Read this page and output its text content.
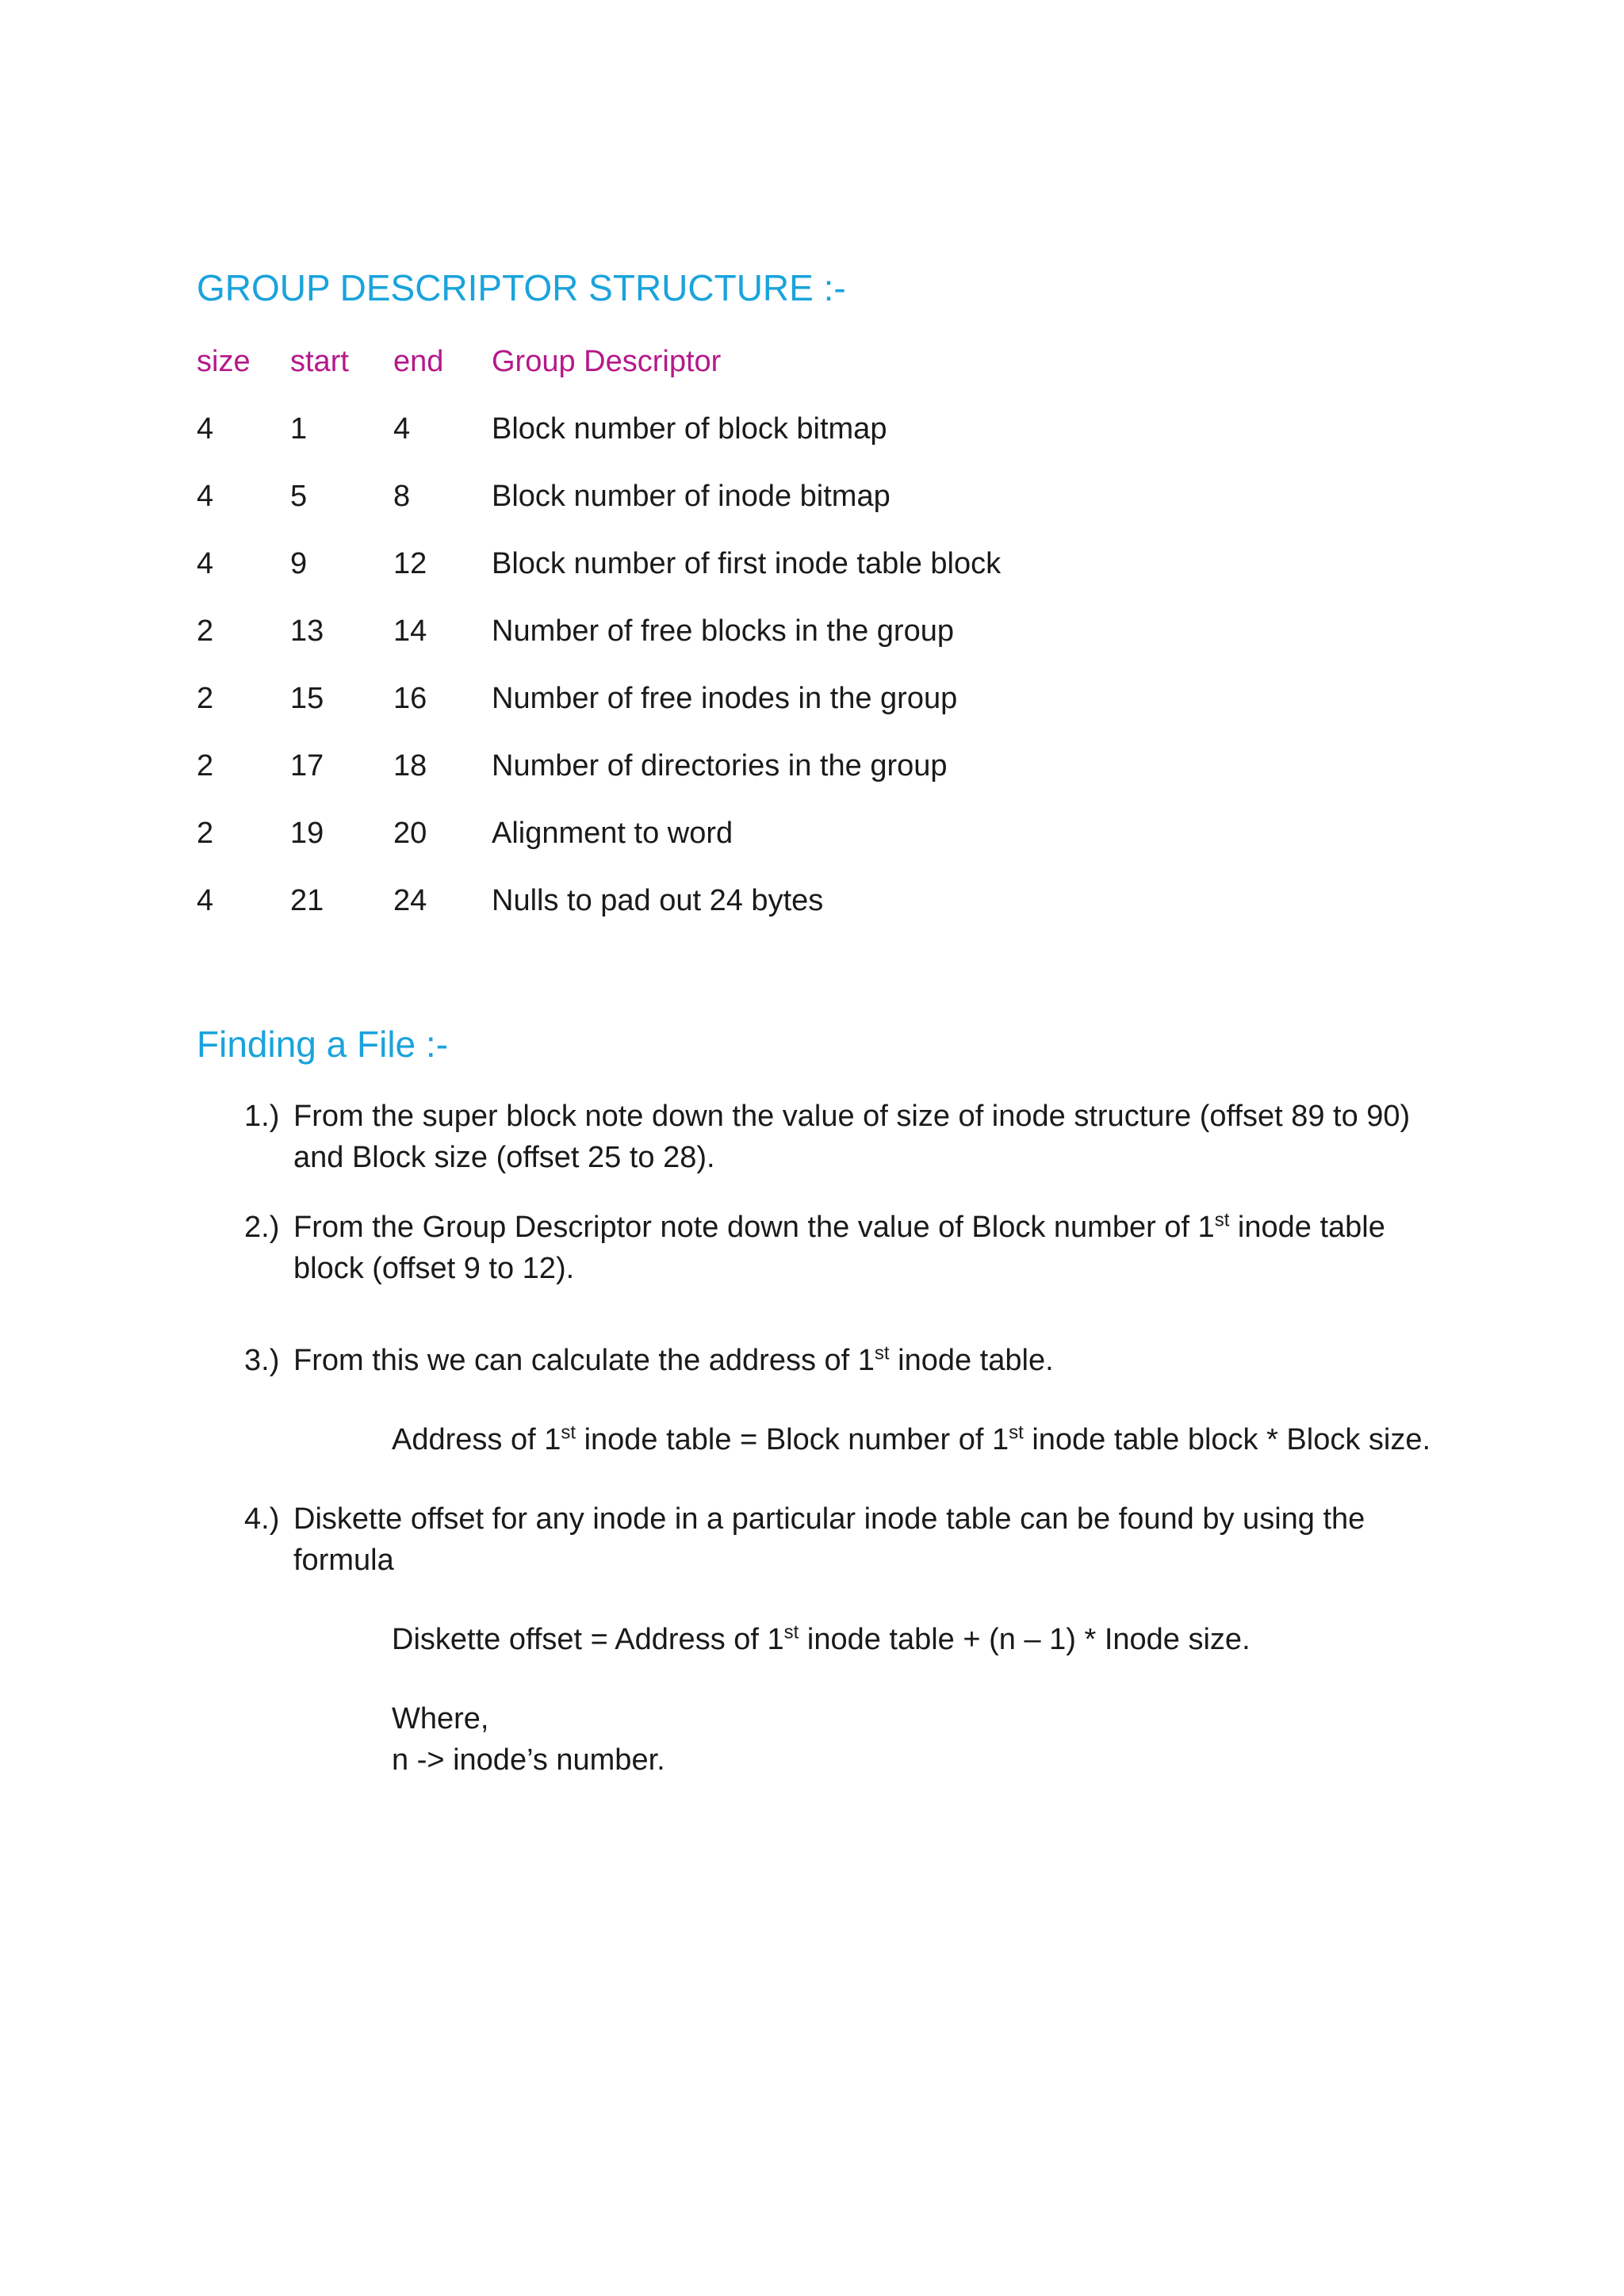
GROUP DESCRIPTOR STRUCTURE :-
size start end Group Descriptor
4	1	4	Block number of block bitmap
4	5	8	Block number of inode bitmap
4	9	12 Block number of first inode table block
2	13 14 Number of free blocks in the group
2	15 16 Number of free inodes in the group
2	17 18 Number of directories in the group
2	19 20 Alignment to word
4	21 24 Nulls to pad out 24 bytes
Finding a File :-
1.) From the super block note down the value of size of inode structure (offset 89 to 90) and Block size (offset 25 to 28).
2.) From the Group Descriptor note down the value of Block number of 1st inode table block (offset 9 to 12).
3.) From this we can calculate the address of 1st inode table.
Address of 1st inode table = Block number of 1st inode table block * Block size.
4.) Diskette offset for any inode in a particular inode table can be found by using the formula
Diskette offset = Address of 1st inode table + (n – 1) * Inode size.
Where,
n -> inode’s number.
